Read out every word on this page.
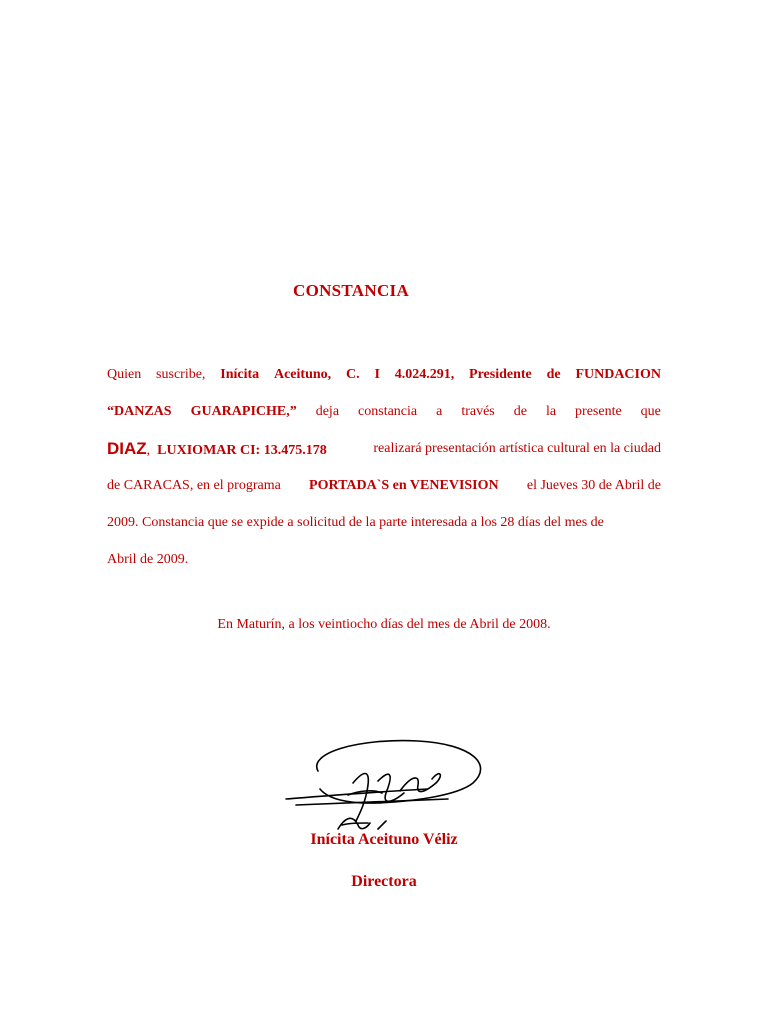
CONSTANCIA
Quien suscribe, Inícita Aceituno, C. I 4.024.291, Presidente de FUNDACION
“DANZAS GUARAPICHE,” deja constancia a través de la presente que
DIAZ, LUXIOMAR CI: 13.475.178	realizará presentación artística cultural en la ciudad
de CARACAS, en el programa PORTADA`S en VENEVISION el Jueves 30 de Abril de
2009. Constancia que se expide a solicitud de la parte interesada a los 28 días del mes de
Abril de 2009.
En Maturín, a los veintiocho días del mes de Abril de 2008.
Inícita Aceituno Véliz
Directora
